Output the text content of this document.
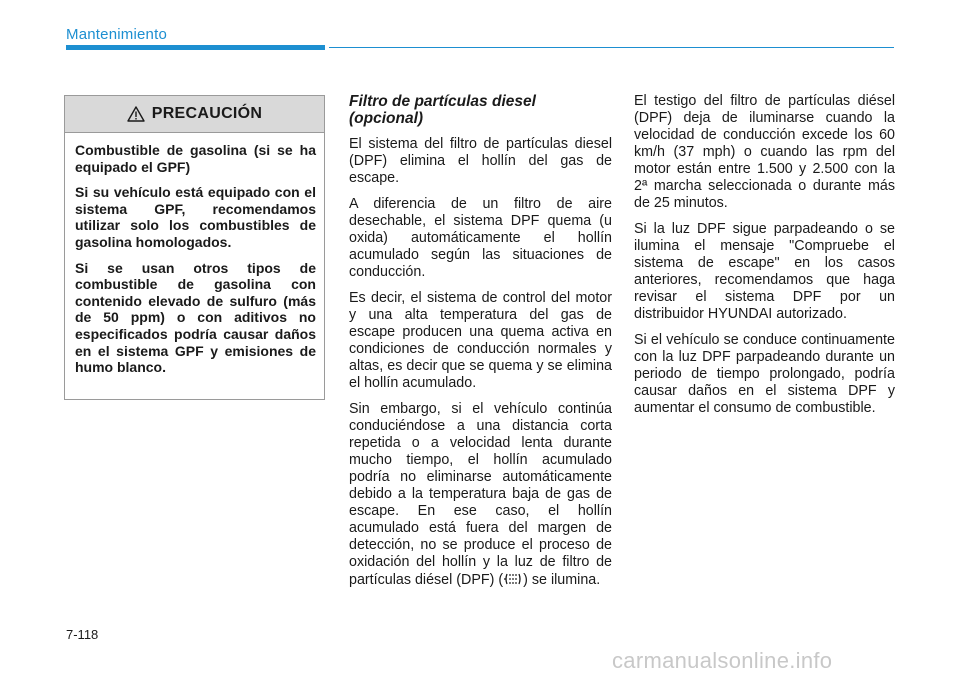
Mantenimiento
PRECAUCIÓN

Combustible de gasolina (si se ha equipado el GPF)

Si su vehículo está equipado con el sistema GPF, recomendamos utilizar solo los combustibles de gasolina homologados.

Si se usan otros tipos de combustible de gasolina con contenido elevado de sulfuro (más de 50 ppm) o con aditivos no especificados podría causar daños en el sistema GPF y emisiones de humo blanco.

Filtro de partículas diesel (opcional)

El sistema del filtro de partículas diesel (DPF) elimina el hollín del gas de escape.

A diferencia de un filtro de aire desechable, el sistema DPF quema (u oxida) automáticamente el hollín acumulado según las situaciones de conducción.

Es decir, el sistema de control del motor y una alta temperatura del gas de escape producen una quema activa en condiciones de conducción normales y altas, es decir que se quema y se elimina el hollín acumulado.

Sin embargo, si el vehículo continúa conduciéndose a una distancia corta repetida o a velocidad lenta durante mucho tiempo, el hollín acumulado podría no eliminarse automáticamente debido a la temperatura baja de gas de escape. En ese caso, el hollín acumulado está fuera del margen de detección, no se produce el proceso de oxidación del hollín y la luz de filtro de partículas diésel (DPF) ( ) se ilumina.

El testigo del filtro de partículas diésel (DPF) deja de iluminarse cuando la velocidad de conducción excede los 60 km/h (37 mph) o cuando las rpm del motor están entre 1.500 y 2.500 con la 2ª marcha seleccionada o durante más de 25 minutos.

Si la luz DPF sigue parpadeando o se ilumina el mensaje "Compruebe el sistema de escape" en los casos anteriores, recomendamos que haga revisar el sistema DPF por un distribuidor HYUNDAI autorizado.

Si el vehículo se conduce continuamente con la luz DPF parpadeando durante un periodo de tiempo prolongado, podría causar daños en el sistema DPF y aumentar el consumo de combustible.

7-118
carmanualsonline.info
